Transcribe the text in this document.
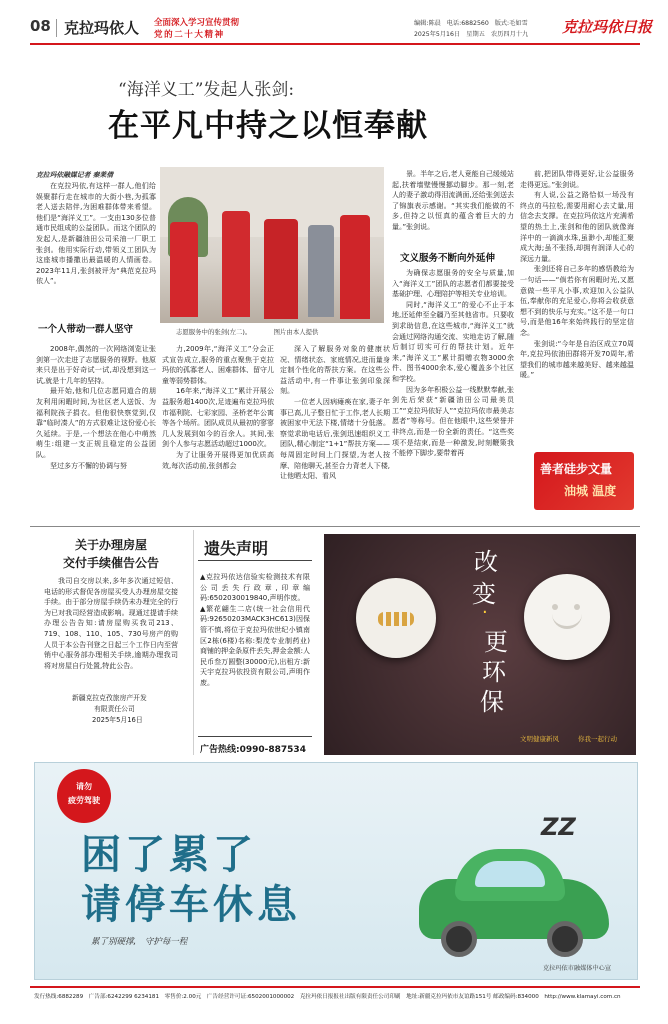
08 克拉玛依人 全面深入学习宣传贯彻
党的二十大精神
编辑:陈晨 电话:6882560 版式:毛如雪
2025年5月16日　星期五　农历四月十九 克拉玛依日报
“海洋义工”发起人张剑:
在平凡中持之以恒奉献
志愿服务中的张剑(左二)。　　　　图片由本人提供
克拉玛依融媒记者 秦莱倩

在克拉玛依,有这样一群人,他们给娱聚群行走在城市的大街小巷,为孤寡老人送去陪伴,为困难群体带来希望。他们是“海洋义工”。一支由130多位普通市民组成的公益团队。而这个团队的发起人,是新疆油田公司采油一厂职工张剑。他用实际行动,带领义工团队为这座城市播撒出最温暖的人情画卷。2023年11月,张剑被评为“典范克拉玛依人”。

一个人带动一群人坚守

2008年,偶然的一次网络浏览让张剑第一次走进了志愿服务的视野。他原来只是出于好奇试一试,却没想到这一试,就是十几年的坚持。

最开始,他和几位志愿同道合的朋友利用闲暇时间,为社区老人送饭、为福利院孩子捐衣。但他很快察觉到,仅靠“临时凑人”的方式很难让这份爱心长久延续。于是,一个想法在他心中萌然萌生:组建一支正规且稳定的公益团队。

坚过多方不懈的协调与努

力,2009年,“海洋义工”分会正式宣告成立,服务的重点聚焦于克拉玛依的孤寡老人、困难群体、留守儿童等弱势群体。

16年来,“海洋义工”累计开展公益服务超1400次,足迹遍布克拉玛依市福利院、七彩家园、圣桥老年公寓等各个场所。团队成员从最初的寥寥几人发展到如今的百余人。其间,张剑个人参与志愿活动超过1000次。

为了让服务开展得更加优质高效,每次活动前,张剑都会

深入了解服务对象的健康状况、情绪状态、家庭情况,进而量身定制个性化的帮扶方案。在这些公益活动中,有一件事让张剑印象深刻。

一位老人因病瘫痪在家,妻子年事已高,儿子整日忙于工作,老人长期被困家中无法下楼,情绪十分低落。察觉求助电话后,张剑迅速组织义工团队,精心制定“1+1”帮扶方案——每周固定时间上门探望,为老人按摩、陪他聊天,甚至合力背老人下楼,让他晒太阳、看风

景。半年之后,老人竟能自己缓缓站起,扶着墙壁慢慢挪动脚步。那一刻,老人的妻子激动得泪流满面,还给张剑送去了锦旗表示感谢。“其实我们能做的不多,但持之以恒真的蕴含着巨大的力量。”张剑说。

文义服务不断向外延伸

为确保志愿服务的安全与质量,加入“海洋义工”团队的志愿者们都要接受基础护理、心理陪护等相关专业培训。

同时,“海洋义工”的爱心不止于本地,还延伸至全疆乃至其他省市。只要收到求助信息,在这些城市,“海洋义工”就会通过网络沟通交流、实地走访了解,随后制订切实可行的帮扶计划。近年来,“海洋义工”累计捐赠衣物3000余件、图书4000余本,爱心覆盖多个社区和学校。

因为多年积极公益一线默默奉献,张剑先后荣获“新疆油田公司最美员工”“克拉玛依好人”“克拉玛依市最美志愿者”等称号。但在他眼中,这些荣誉并非终点,而是一份全新的责任。“这些奖项不是结束,而是一种激发,时刻鞭策我不能停下脚步,要带着再

前,把团队带得更好,让公益服务走得更远。”张剑说。

有人说,公益之路恰似一场没有终点的马拉松,需要用耐心去丈量,用信念去支撑。在克拉玛依这片充满希望的热土上,张剑和他的团队就像海洋中的一滴滴水珠,虽渺小,却能汇聚成大海;虽不张扬,却拥有润泽人心的深远力量。

张剑还将自己多年的感悟教给为一句话——“倘若你有闲暇时光,又愿意做一些平凡小事,欢迎加入公益队伍,奉献你的充足爱心,你将会收获意想不到的快乐与充实。”这不是一句口号,而是他16年来始终践行的坚定信念。

张剑说:“今年是自治区成立70周年,克拉玛依油田群将开发70周年,希望我们的城市越来越美好、越来越温暖。”

善者硅步文量
油城 温度
关于办理房屋
交付手续催告公告

我司自交房以来,多年多次通过短信、电话的形式督促各房屋买受人办理房屋交接手续。由于部分房屋手续仍未办理完全的行为已对我司经营造成影响。现通过提请手续办理公告告知:请房屋购买我司213、719、108、110、105、730号房产的购人员于本公告刊登之日起三个工作日内至营销中心服务部办理相关手续,逾期办理我司将对房屋自行处置,特此公告。

新疆克拉克孜旅房产开发
有限责任公司
2025年5月16日
遗失声明

▲克拉玛依达信验实检测技术有限公司丢失行政章,印章编码:6502030019840,声明作废。

▲繁花翩生二店(统一社会信用代码:92650203MACK3HC613)因保管不慎,将位于克拉玛依世纪小镇南区2栋(6楼)名称:梨茂专业制药业)商铺的押金条原件丢失,押金金额:人民币叁万圆整(30000元),出租方:新天宇克拉玛依投资有限公司,声明作废。

广告热线:0990-887534
改
变
·
更
环
保
文明健康新风	你我一起行动
请勿
疲劳驾驶
困了累了
请停车休息
累了别硬撑,　守护每一程
ZZ
克拉玛依市融媒体中心宣
发行热线:6882289　广告部:6242299 6234181　零售价:2.00元　广告经营许可证:6502001000002　克拉玛依日报报社出版有限责任公司印刷　地址:新疆克拉玛依市友谊路151号 邮政编码:834000　http://www.klamayi.com.cn
